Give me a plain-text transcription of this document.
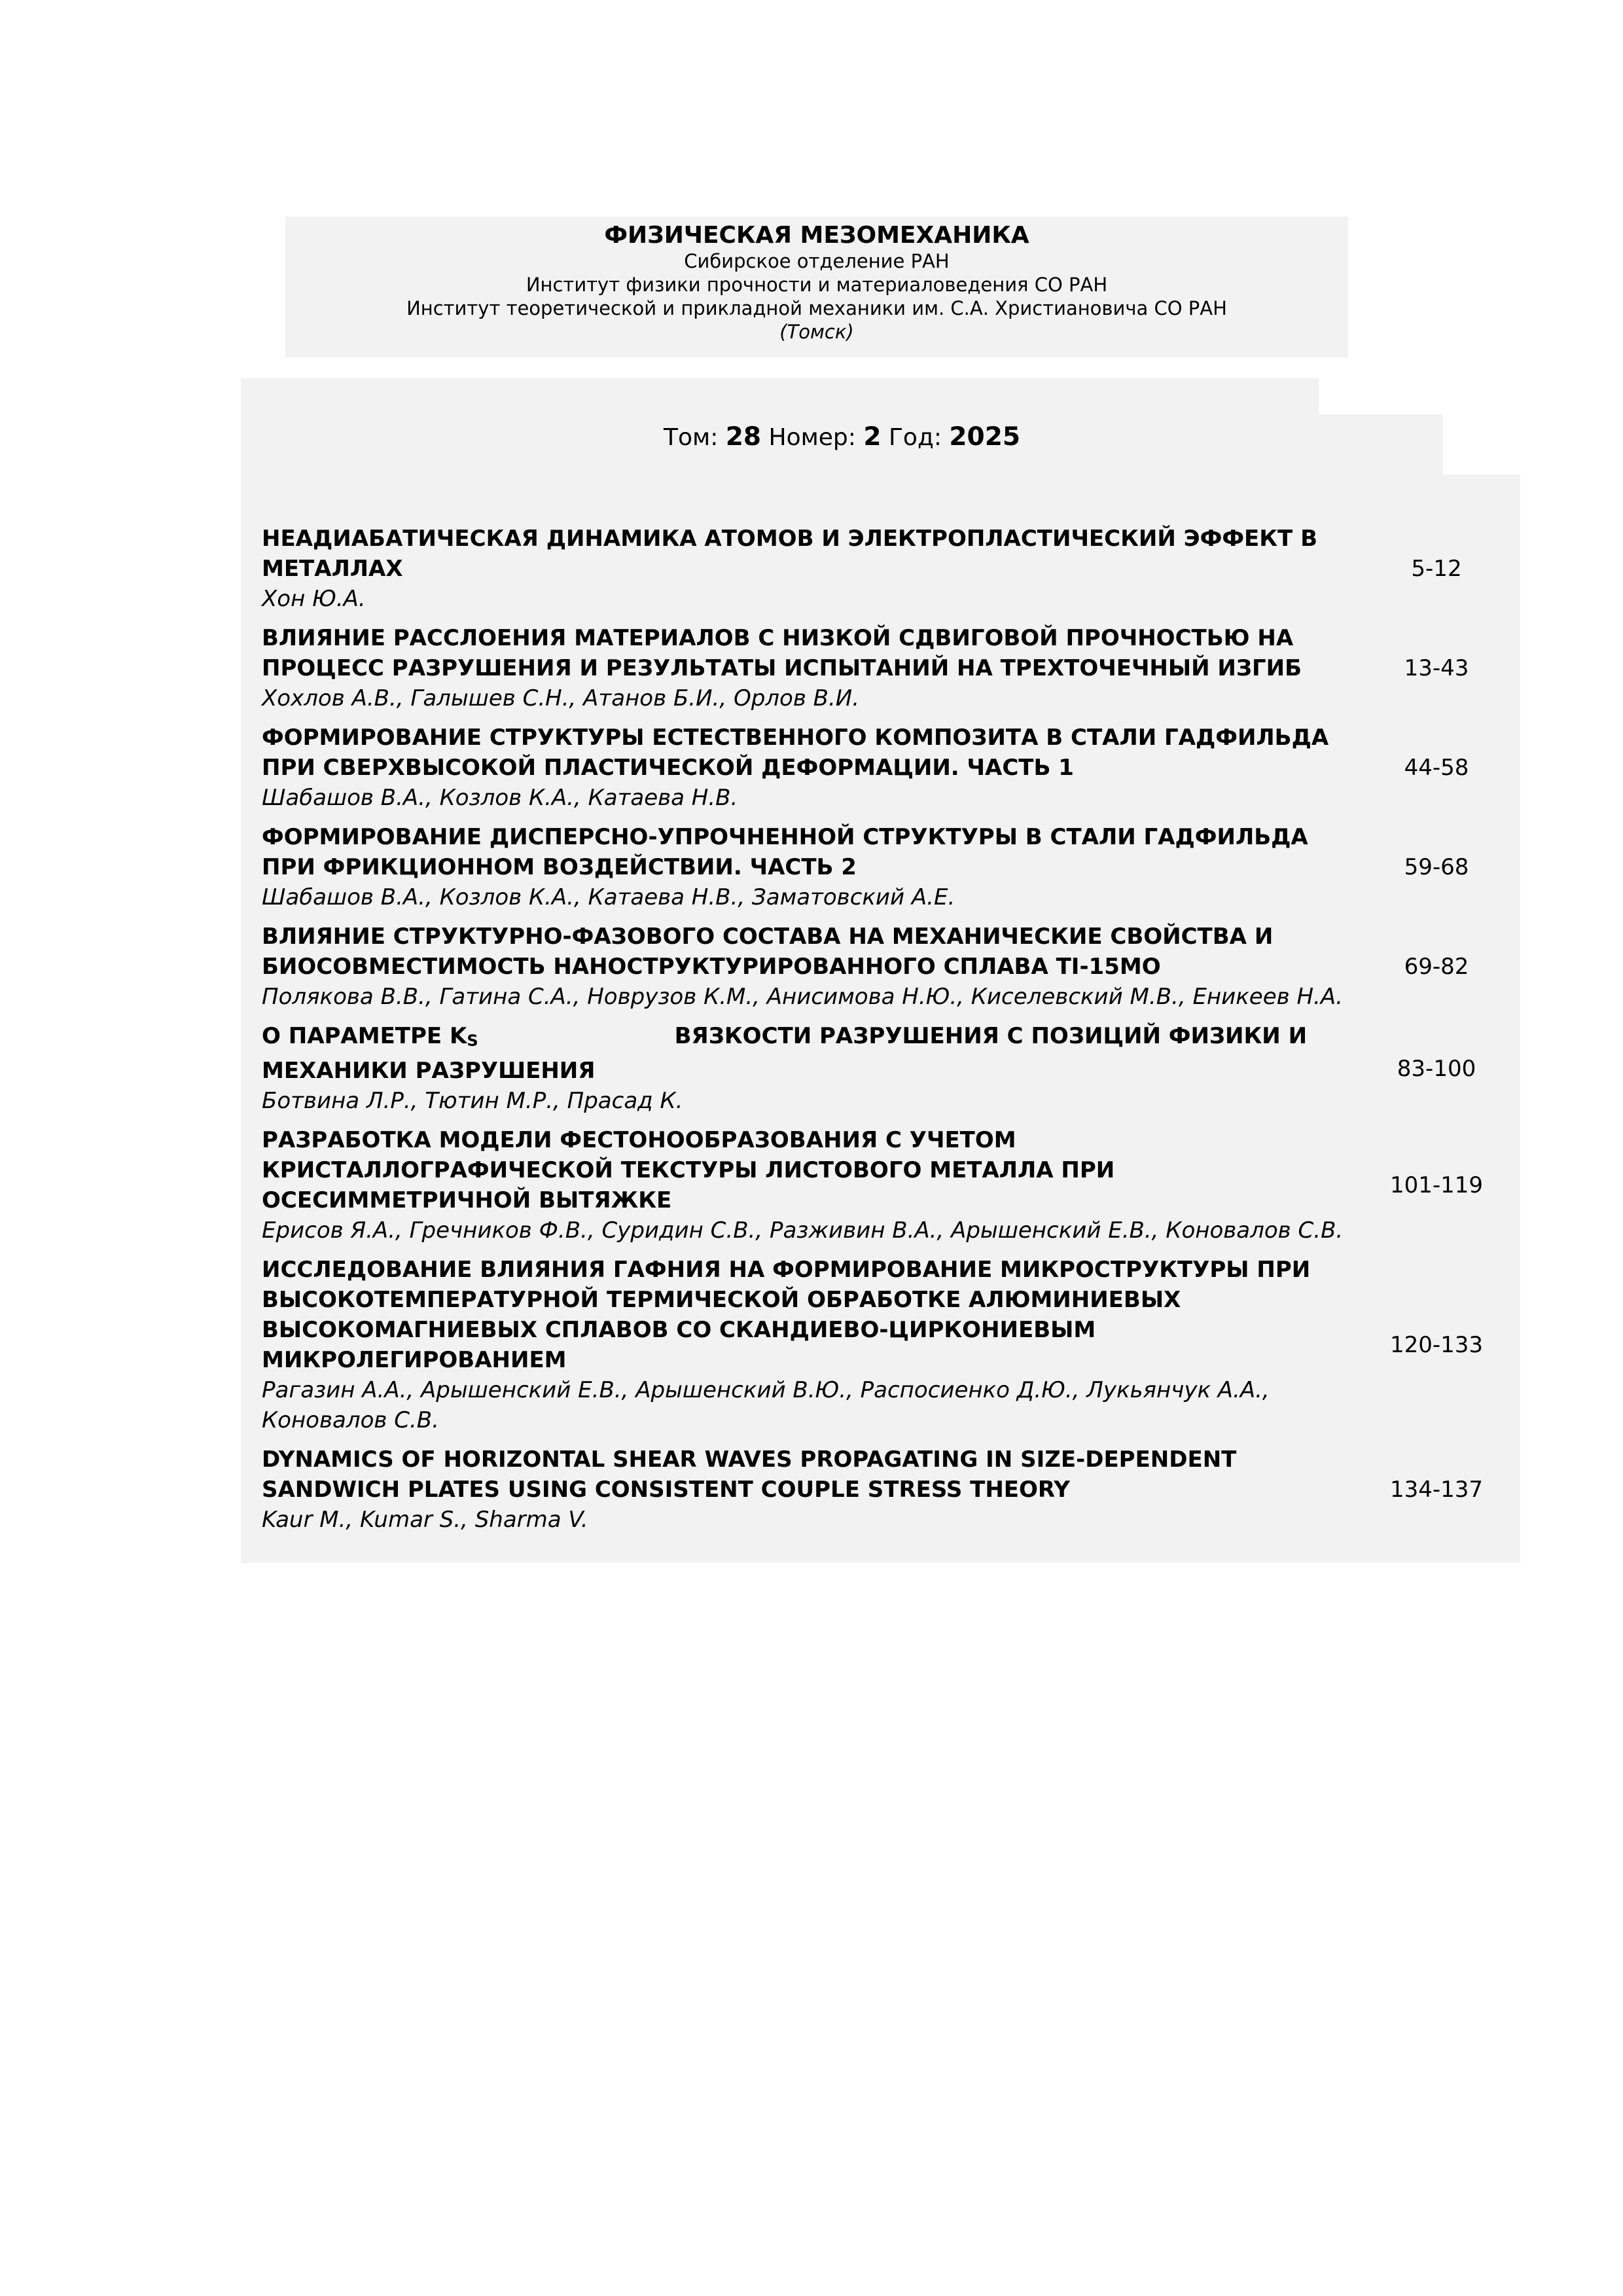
ФИЗИЧЕСКАЯ МЕЗОМЕХАНИКА
Сибирское отделение РАН
Институт физики прочности и материаловедения СО РАН
Институт теоретической и прикладной механики им. С.А. Христиановича СО РАН
(Томск)
Том: 28 Номер: 2 Год: 2025
НЕАДИАБАТИЧЕСКАЯ ДИНАМИКА АТОМОВ И ЭЛЕКТРОПЛАСТИЧЕСКИЙ ЭФФЕКТ В
МЕТАЛЛАХ
Хон Ю.А.
5-12
ВЛИЯНИЕ РАССЛОЕНИЯ МАТЕРИАЛОВ С НИЗКОЙ СДВИГОВОЙ ПРОЧНОСТЬЮ НА
ПРОЦЕСС РАЗРУШЕНИЯ И РЕЗУЛЬТАТЫ ИСПЫТАНИЙ НА ТРЕХТОЧЕЧНЫЙ ИЗГИБ
Хохлов А.В., Галышев С.Н., Атанов Б.И., Орлов В.И.
13-43
ФОРМИРОВАНИЕ СТРУКТУРЫ ЕСТЕСТВЕННОГО КОМПОЗИТА В СТАЛИ ГАДФИЛЬДА
ПРИ СВЕРХВЫСОКОЙ ПЛАСТИЧЕСКОЙ ДЕФОРМАЦИИ. ЧАСТЬ 1
Шабашов В.А., Козлов К.А., Катаева Н.В.
44-58
ФОРМИРОВАНИЕ ДИСПЕРСНО-УПРОЧНЕННОЙ СТРУКТУРЫ В СТАЛИ ГАДФИЛЬДА
ПРИ ФРИКЦИОННОМ ВОЗДЕЙСТВИИ. ЧАСТЬ 2
Шабашов В.А., Козлов К.А., Катаева Н.В., Заматовский А.Е.
59-68
ВЛИЯНИЕ СТРУКТУРНО-ФАЗОВОГО СОСТАВА НА МЕХАНИЧЕСКИЕ СВОЙСТВА И
БИОСОВМЕСТИМОСТЬ НАНОСТРУКТУРИРОВАННОГО СПЛАВА TI-15MO
Полякова В.В., Гатина С.А., Новрузов К.М., Анисимова Н.Ю., Киселевский М.В., Еникеев Н.А.
69-82
О ПАРАМЕТРЕ KS	ВЯЗКОСТИ РАЗРУШЕНИЯ С ПОЗИЦИЙ ФИЗИКИ И
МЕХАНИКИ РАЗРУШЕНИЯ
Ботвина Л.Р., Тютин М.Р., Прасад К.
83-100
РАЗРАБОТКА МОДЕЛИ ФЕСТОНООБРАЗОВАНИЯ С УЧЕТОМ
КРИСТАЛЛОГРАФИЧЕСКОЙ ТЕКСТУРЫ ЛИСТОВОГО МЕТАЛЛА ПРИ
ОСЕСИММЕТРИЧНОЙ ВЫТЯЖКЕ
Ерисов Я.А., Гречников Ф.В., Суридин С.В., Разживин В.А., Арышенский Е.В., Коновалов С.В.
101-119
ИССЛЕДОВАНИЕ ВЛИЯНИЯ ГАФНИЯ НА ФОРМИРОВАНИЕ МИКРОСТРУКТУРЫ ПРИ
ВЫСОКОТЕМПЕРАТУРНОЙ ТЕРМИЧЕСКОЙ ОБРАБОТКЕ АЛЮМИНИЕВЫХ
ВЫСОКОМАГНИЕВЫХ СПЛАВОВ СО СКАНДИЕВО-ЦИРКОНИЕВЫМ
МИКРОЛЕГИРОВАНИЕМ
Рагазин А.А., Арышенский Е.В., Арышенский В.Ю., Распосиенко Д.Ю., Лукьянчук А.А.,
Коновалов С.В.
120-133
DYNAMICS OF HORIZONTAL SHEAR WAVES PROPAGATING IN SIZE-DEPENDENT
SANDWICH PLATES USING CONSISTENT COUPLE STRESS THEORY
Kaur M., Kumar S., Sharma V.
134-137
